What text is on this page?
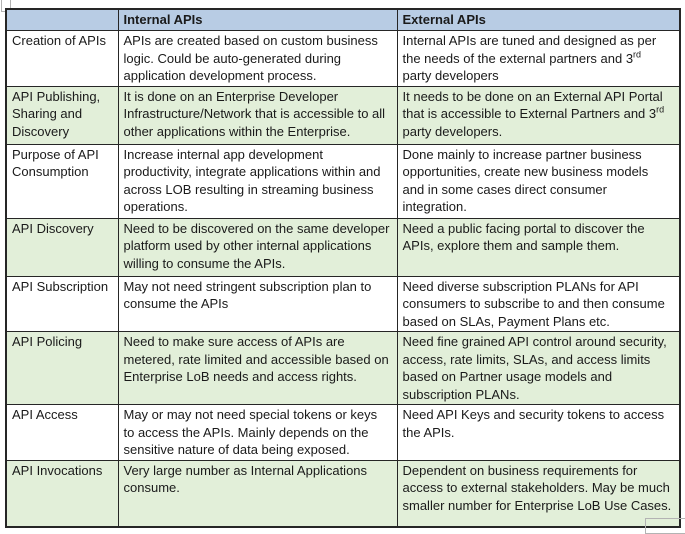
	Internal APIs	External APIs
Creation of APIs	APIs are created based on custom business logic. Could be auto-generated during application development process.	Internal APIs are tuned and designed as per the needs of the external partners and 3rd party developers
API Publishing, Sharing and Discovery	It is done on an Enterprise Developer Infrastructure/Network that is accessible to all other applications within the Enterprise.	It needs to be done on an External API Portal that is accessible to External Partners and 3rd party developers.
Purpose of API Consumption	Increase internal app development productivity, integrate applications within and across LOB resulting in streaming business operations.	Done mainly to increase partner business opportunities, create new business models and in some cases direct consumer integration.
API Discovery	Need to be discovered on the same developer platform used by other internal applications willing to consume the APIs.	Need a public facing portal to discover the APIs, explore them and sample them.
API Subscription	May not need stringent subscription plan to consume the APIs	Need diverse subscription PLANs for API consumers to subscribe to and then consume based on SLAs, Payment Plans etc.
API Policing	Need to make sure access of APIs are metered, rate limited and accessible based on Enterprise LoB needs and access rights.	Need fine grained API control around security, access, rate limits, SLAs, and access limits based on Partner usage models and subscription PLANs.
API Access	May or may not need special tokens or keys to access the APIs. Mainly depends on the sensitive nature of data being exposed.	Need API Keys and security tokens to access the APIs.
API Invocations	Very large number as Internal Applications consume.	Dependent on business requirements for access to external stakeholders. May be much smaller number for Enterprise LoB Use Cases.
